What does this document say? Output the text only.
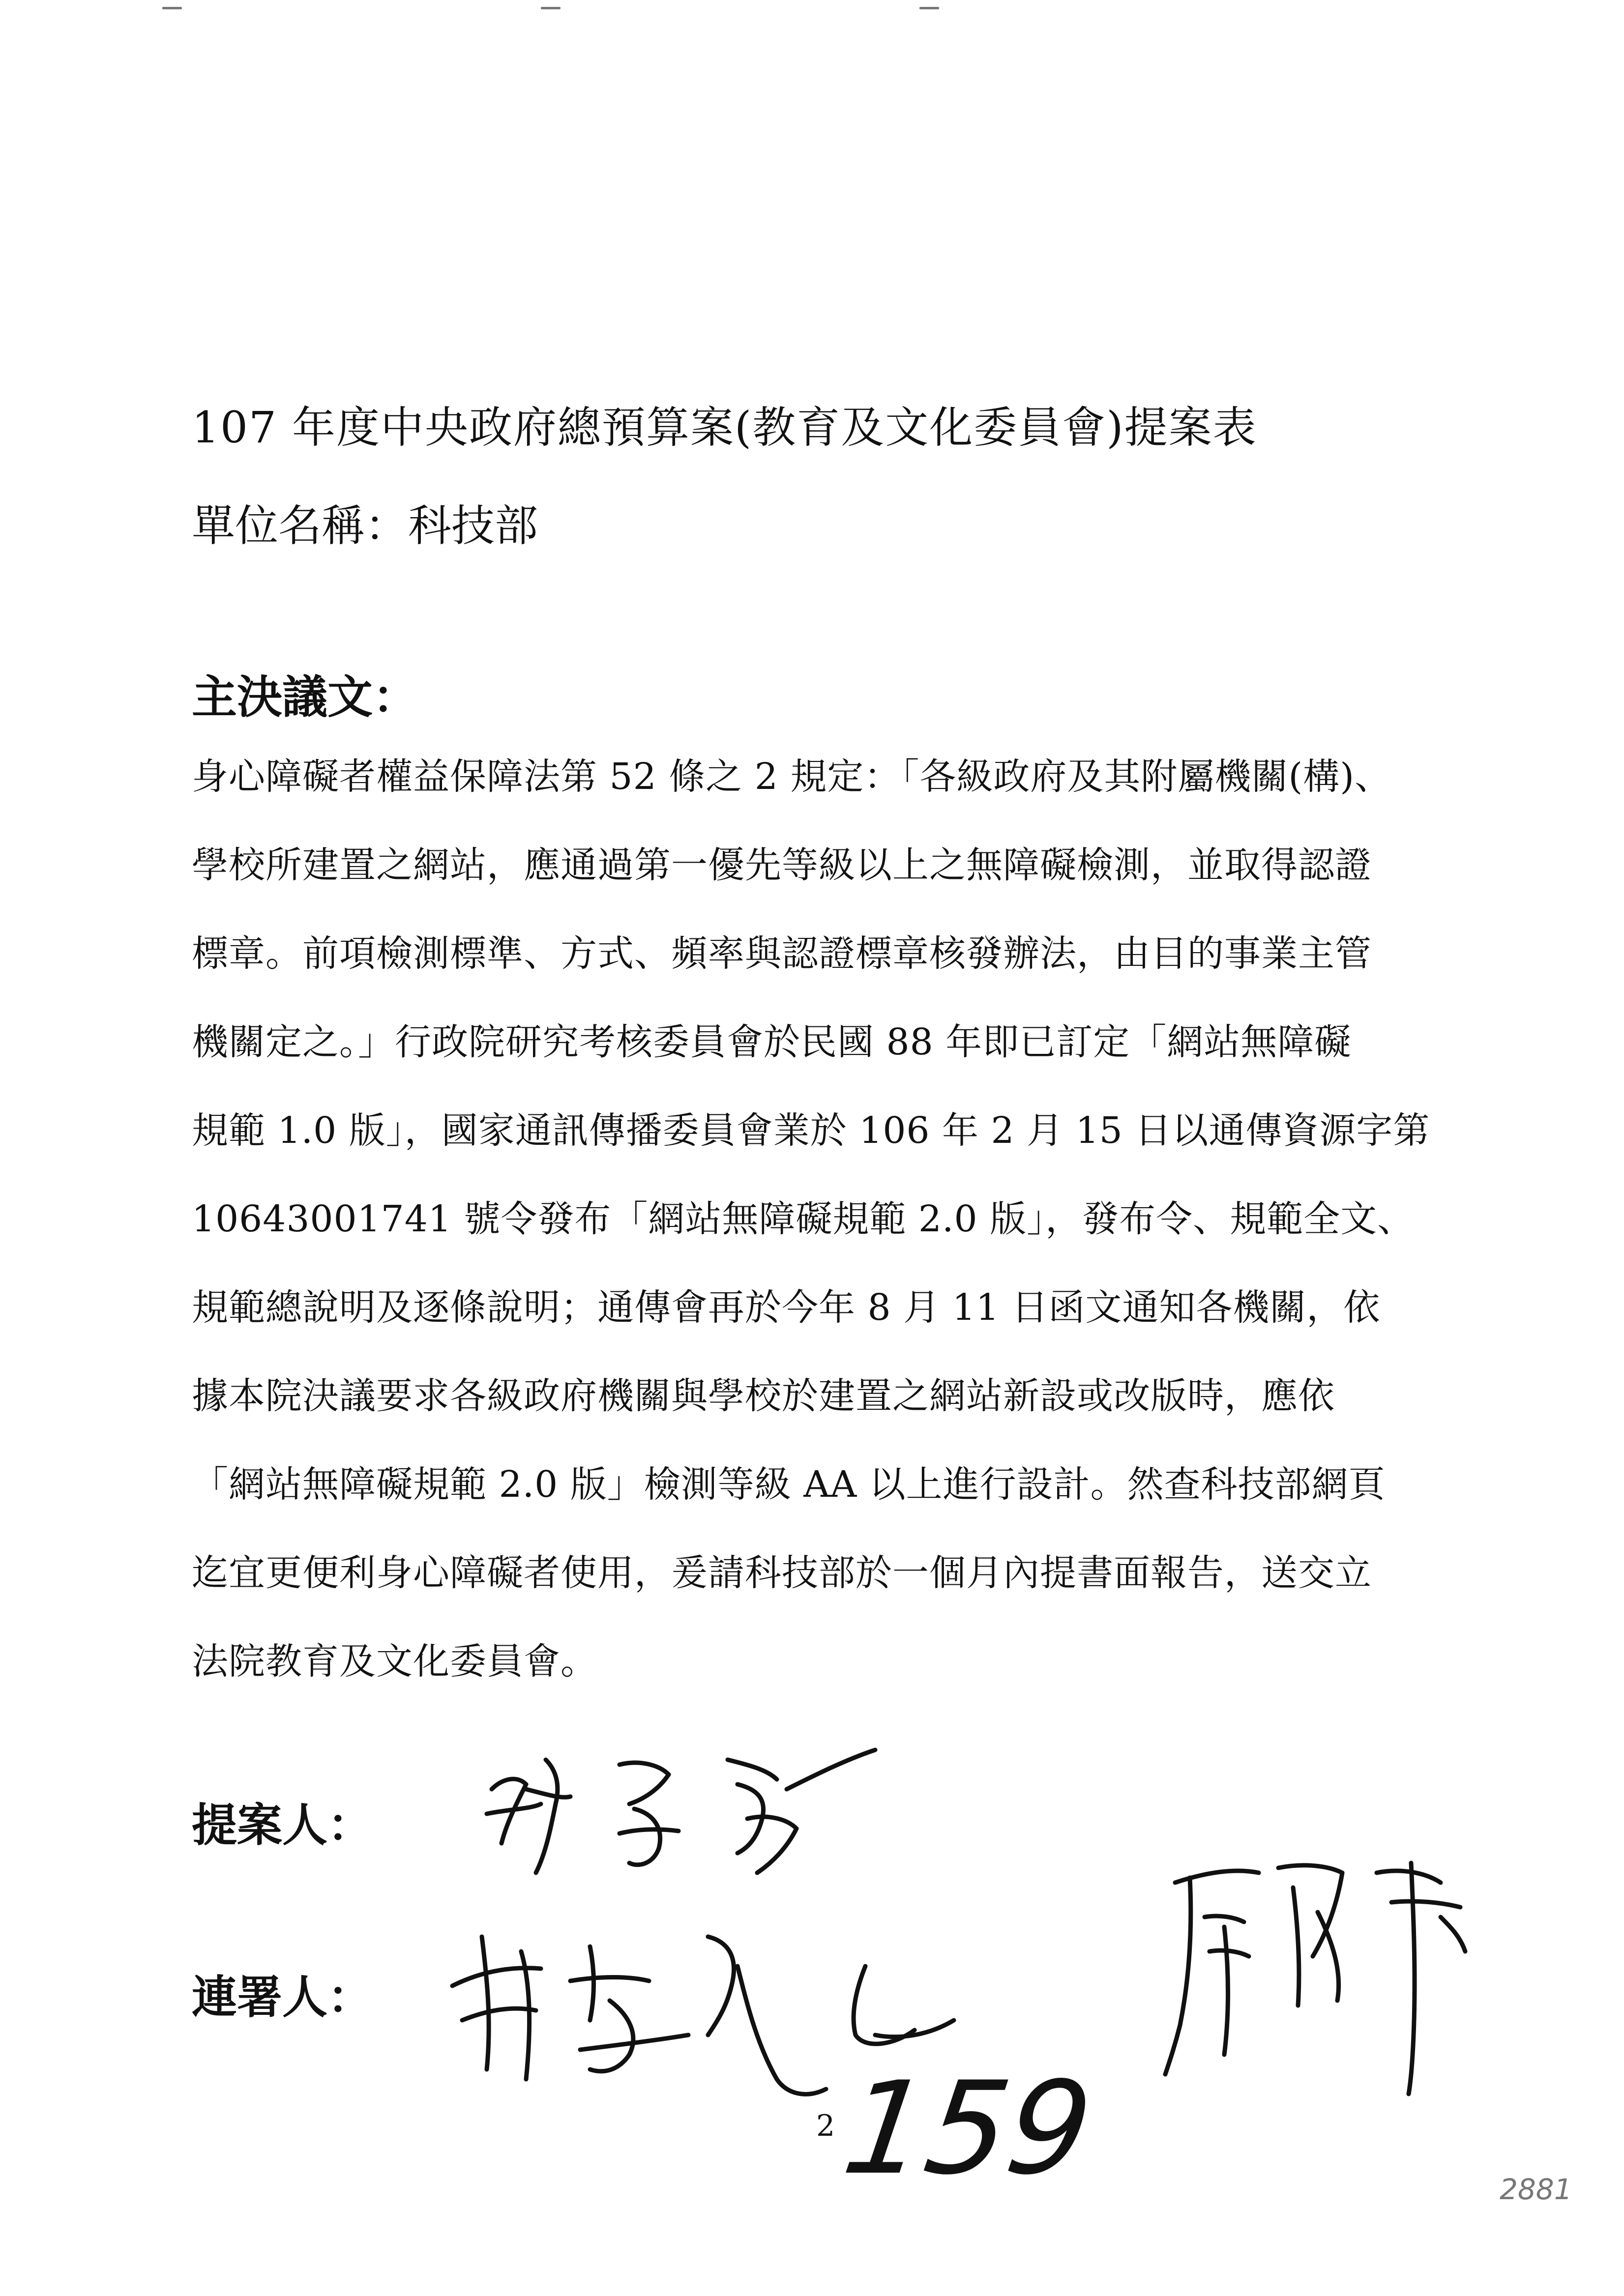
107 年度中央政府總預算案(教育及文化委員會)提案表
單位名稱：科技部
主決議文：
身心障礙者權益保障法第 52 條之 2 規定：「各級政府及其附屬機關(構)、
學校所建置之網站，應通過第一優先等級以上之無障礙檢測，並取得認證
標章。前項檢測標準、方式、頻率與認證標章核發辦法，由目的事業主管
機關定之。」行政院研究考核委員會於民國 88 年即已訂定「網站無障礙
規範 1.0 版」，國家通訊傳播委員會業於 106 年 2 月 15 日以通傳資源字第
10643001741 號令發布「網站無障礙規範 2.0 版」，發布令、規範全文、
規範總說明及逐條說明；通傳會再於今年 8 月 11 日函文通知各機關，依
據本院決議要求各級政府機關與學校於建置之網站新設或改版時，應依
「網站無障礙規範 2.0 版」檢測等級 AA 以上進行設計。然查科技部網頁
迄宜更便利身心障礙者使用，爰請科技部於一個月內提書面報告，送交立
法院教育及文化委員會。
提案人：
連署人：
2 159	2881
